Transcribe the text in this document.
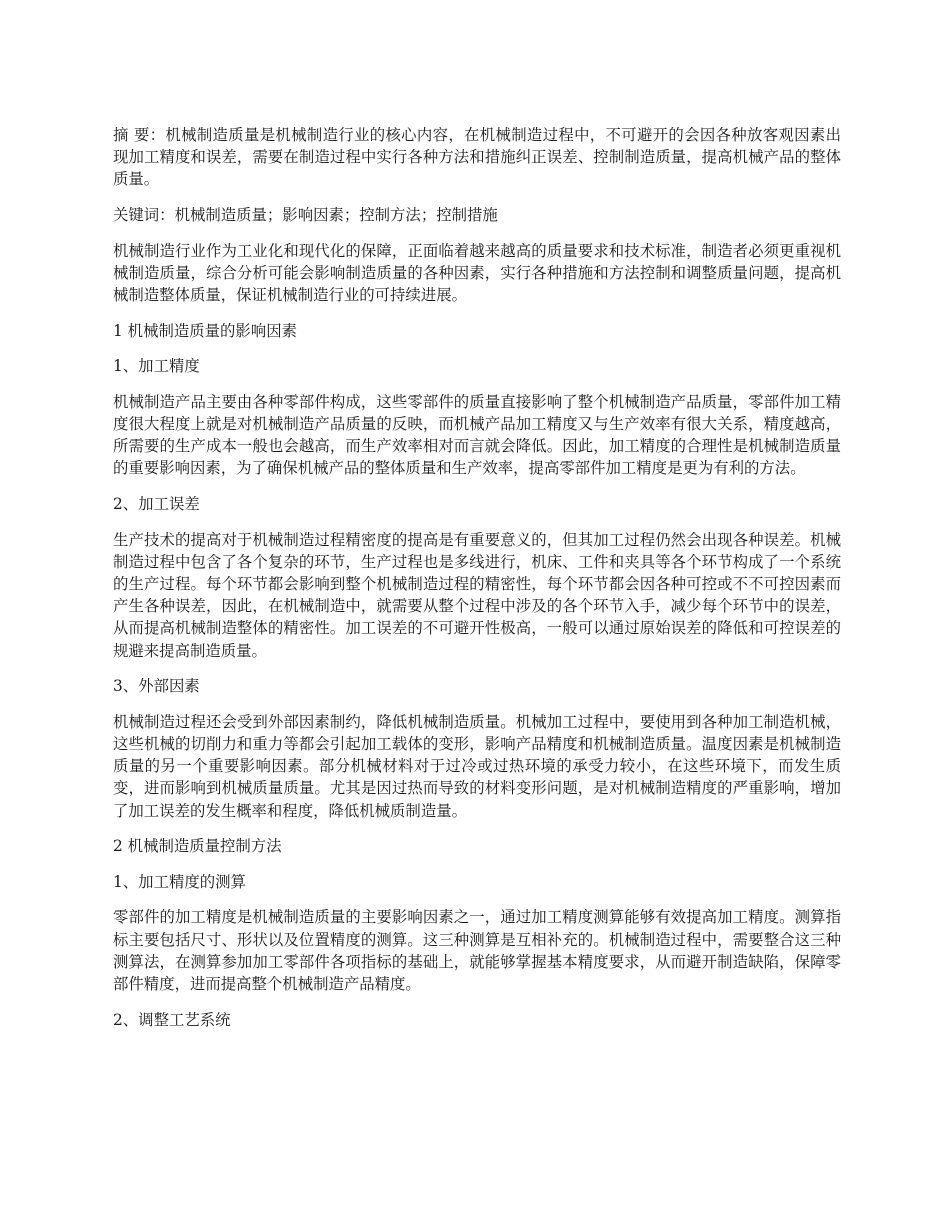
摘 要：机械制造质量是机械制造行业的核心内容，在机械制造过程中，不可避开的会因各种放客观因素出现加工精度和误差，需要在制造过程中实行各种方法和措施纠正误差、控制制造质量，提高机械产品的整体质量。

关键词：机械制造质量；影响因素；控制方法；控制措施

机械制造行业作为工业化和现代化的保障，正面临着越来越高的质量要求和技术标准，制造者必须更重视机械制造质量，综合分析可能会影响制造质量的各种因素，实行各种措施和方法控制和调整质量问题，提高机械制造整体质量，保证机械制造行业的可持续进展。

1 机械制造质量的影响因素

1、加工精度

机械制造产品主要由各种零部件构成，这些零部件的质量直接影响了整个机械制造产品质量，零部件加工精度很大程度上就是对机械制造产品质量的反映，而机械产品加工精度又与生产效率有很大关系，精度越高，所需要的生产成本一般也会越高，而生产效率相对而言就会降低。因此，加工精度的合理性是机械制造质量的重要影响因素，为了确保机械产品的整体质量和生产效率，提高零部件加工精度是更为有利的方法。

2、加工误差

生产技术的提高对于机械制造过程精密度的提高是有重要意义的，但其加工过程仍然会出现各种误差。机械制造过程中包含了各个复杂的环节，生产过程也是多线进行，机床、工件和夹具等各个环节构成了一个系统的生产过程。每个环节都会影响到整个机械制造过程的精密性，每个环节都会因各种可控或不不可控因素而产生各种误差，因此，在机械制造中，就需要从整个过程中涉及的各个环节入手，减少每个环节中的误差，从而提高机械制造整体的精密性。加工误差的不可避开性极高，一般可以通过原始误差的降低和可控误差的规避来提高制造质量。

3、外部因素

机械制造过程还会受到外部因素制约，降低机械制造质量。机械加工过程中，要使用到各种加工制造机械，这些机械的切削力和重力等都会引起加工载体的变形，影响产品精度和机械制造质量。温度因素是机械制造质量的另一个重要影响因素。部分机械材料对于过冷或过热环境的承受力较小，在这些环境下，而发生质变，进而影响到机械质量质量。尤其是因过热而导致的材料变形问题，是对机械制造精度的严重影响，增加了加工误差的发生概率和程度，降低机械质制造量。

2 机械制造质量控制方法

1、加工精度的测算

零部件的加工精度是机械制造质量的主要影响因素之一，通过加工精度测算能够有效提高加工精度。测算指标主要包括尺寸、形状以及位置精度的测算。这三种测算是互相补充的。机械制造过程中，需要整合这三种测算法，在测算参加加工零部件各项指标的基础上，就能够掌握基本精度要求，从而避开制造缺陷，保障零部件精度，进而提高整个机械制造产品精度。

2、调整工艺系统
